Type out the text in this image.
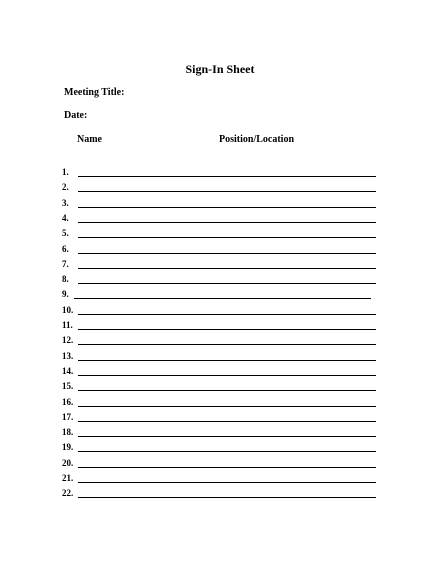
Sign-In Sheet
Meeting Title:
Date:
Name	Position/Location
1.
2.
3.
4.
5.
6.
7.
8.
9.
10.
11.
12.
13.
14.
15.
16.
17.
18.
19.
20.
21.
22.
